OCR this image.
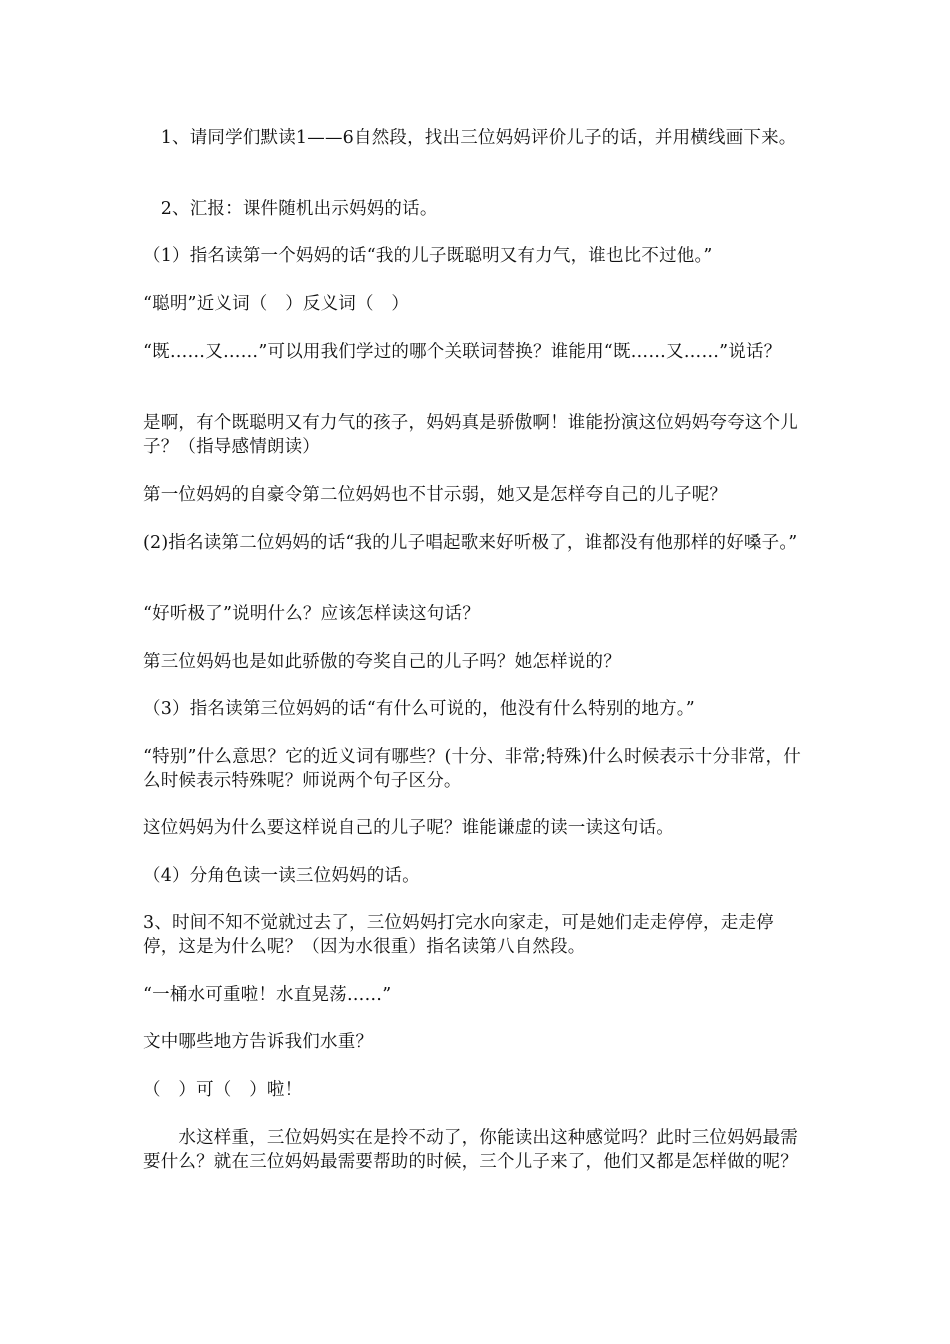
　1、请同学们默读1——6自然段，找出三位妈妈评价儿子的话，并用横线画下来。

　2、汇报：课件随机出示妈妈的话。

（1）指名读第一个妈妈的话“我的儿子既聪明又有力气，谁也比不过他。”

“聪明”近义词（　）反义词（　）

“既……又……”可以用我们学过的哪个关联词替换？谁能用“既……又……”说话？

是啊，有个既聪明又有力气的孩子，妈妈真是骄傲啊！谁能扮演这位妈妈夸夸这个儿子？（指导感情朗读）

第一位妈妈的自豪令第二位妈妈也不甘示弱，她又是怎样夸自己的儿子呢？

(2)指名读第二位妈妈的话“我的儿子唱起歌来好听极了，谁都没有他那样的好嗓子。”

“好听极了”说明什么？应该怎样读这句话？

第三位妈妈也是如此骄傲的夸奖自己的儿子吗？她怎样说的？

（3）指名读第三位妈妈的话“有什么可说的，他没有什么特别的地方。”

“特别”什么意思？它的近义词有哪些？(十分、非常;特殊)什么时候表示十分非常，什么时候表示特殊呢？师说两个句子区分。

这位妈妈为什么要这样说自己的儿子呢？谁能谦虚的读一读这句话。

（4）分角色读一读三位妈妈的话。

3、时间不知不觉就过去了，三位妈妈打完水向家走，可是她们走走停停，走走停停，这是为什么呢？（因为水很重）指名读第八自然段。

“一桶水可重啦！水直晃荡……”

文中哪些地方告诉我们水重？

（　）可（　）啦！

　　水这样重，三位妈妈实在是拎不动了，你能读出这种感觉吗？此时三位妈妈最需要什么？就在三位妈妈最需要帮助的时候，三个儿子来了，他们又都是怎样做的呢？
